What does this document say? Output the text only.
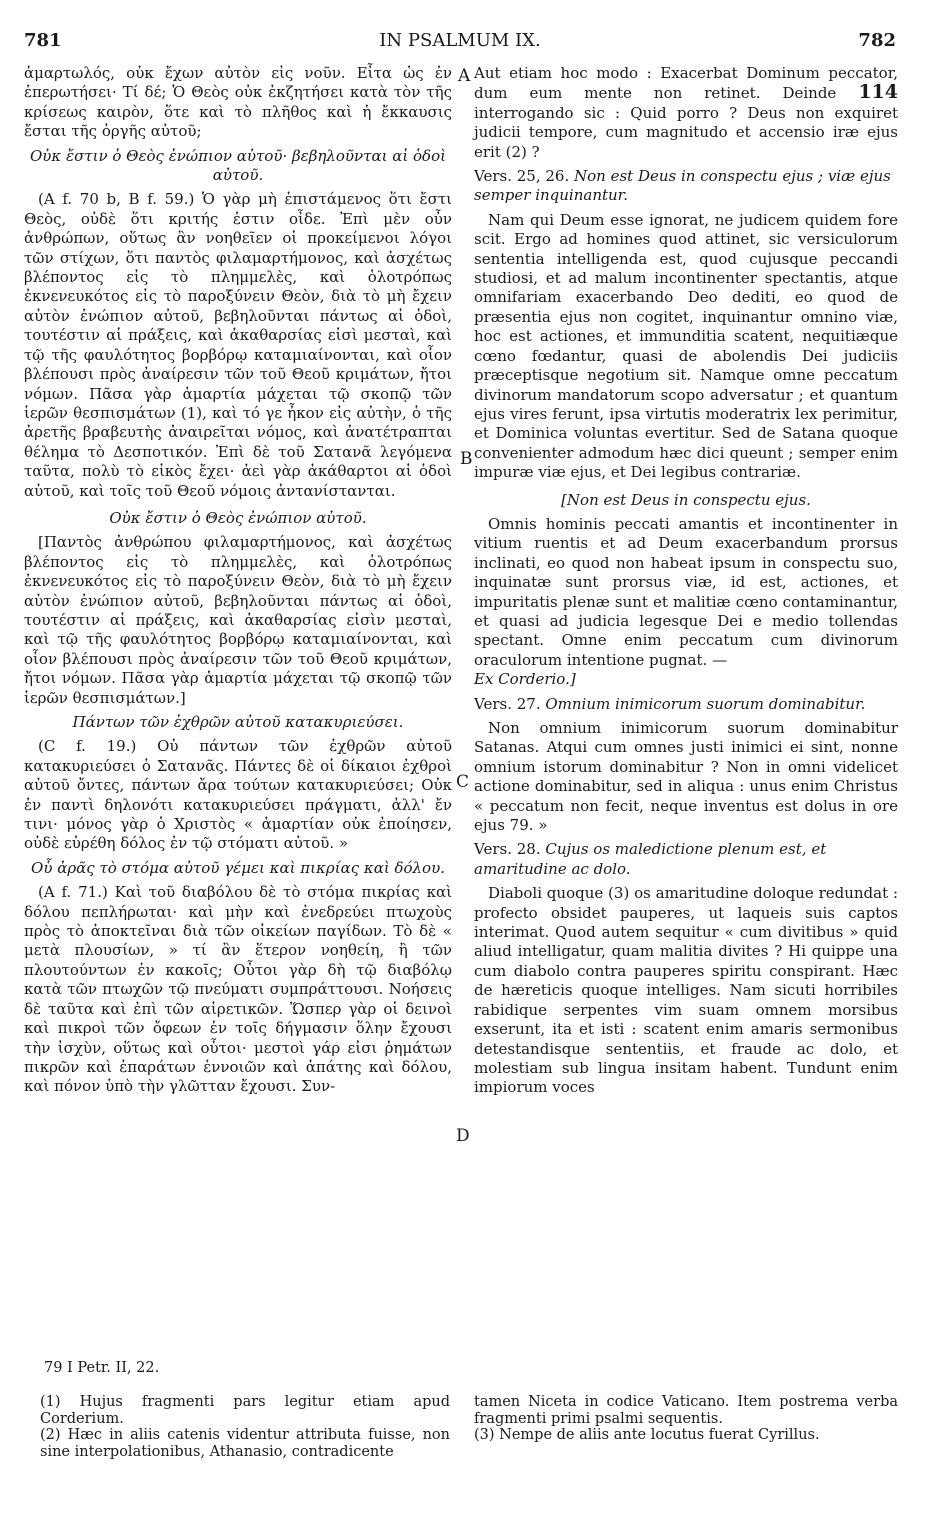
781	IN PSALMUM IX.	782
A
B
C
D

ἁμαρτωλός, οὐκ ἔχων αὐτὸν εἰς νοῦν. Εἶτα ὡς ἐν ἐπερωτήσει· Τί δέ; Ὁ Θεὸς οὐκ ἐκζητήσει κατὰ τὸν τῆς κρίσεως καιρὸν, ὅτε καὶ τὸ πλῆθος καὶ ἡ ἔκκαυσις ἔσται τῆς ὀργῆς αὐτοῦ;

Οὐκ ἔστιν ὁ Θεὸς ἐνώπιον αὐτοῦ· βεβηλοῦνται αἱ ὁδοὶ αὐτοῦ.

(A f. 70 b, B f. 59.) Ὁ γὰρ μὴ ἐπιστάμενος ὅτι ἔστι Θεὸς, οὐδὲ ὅτι κριτής ἐστιν οἶδε. Ἐπὶ μὲν οὖν ἀνθρώπων, οὕτως ἂν νοηθεῖεν οἱ προκείμενοι λόγοι τῶν στίχων, ὅτι παντὸς φιλαμαρτήμονος, καὶ ἀσχέτως βλέποντος εἰς τὸ πλημμελὲς, καὶ ὁλοτρόπως ἐκνενευκότος εἰς τὸ παροξύνειν Θεὸν, διὰ τὸ μὴ ἔχειν αὐτὸν ἐνώπιον αὐτοῦ, βεβηλοῦνται πάντως αἱ ὁδοὶ, τουτέστιν αἱ πράξεις, καὶ ἀκαθαρσίας εἰσὶ μεσταὶ, καὶ τῷ τῆς φαυλότητος βορβόρῳ καταμιαίνονται, καὶ οἷον βλέπουσι πρὸς ἀναίρεσιν τῶν τοῦ Θεοῦ κριμάτων, ἤτοι νόμων. Πᾶσα γὰρ ἁμαρτία μάχεται τῷ σκοπῷ τῶν ἱερῶν θεσπισμάτων (1), καὶ τό γε ἦκον εἰς αὐτὴν, ὁ τῆς ἀρετῆς βραβευτὴς ἀναιρεῖται νόμος, καὶ ἀνατέτραπται θέλημα τὸ Δεσποτικόν. Ἐπὶ δὲ τοῦ Σατανᾶ λεγόμενα ταῦτα, πολὺ τὸ εἰκὸς ἔχει· ἀεὶ γὰρ ἀκάθαρτοι αἱ ὁδοὶ αὐτοῦ, καὶ τοῖς τοῦ Θεοῦ νόμοις ἀντανίστανται.

Οὐκ ἔστιν ὁ Θεὸς ἐνώπιον αὐτοῦ.

[Παντὸς ἀνθρώπου φιλαμαρτήμονος, καὶ ἀσχέτως βλέποντος εἰς τὸ πλημμελὲς, καὶ ὁλοτρόπως ἐκνενευκότος εἰς τὸ παροξύνειν Θεὸν, διὰ τὸ μὴ ἔχειν αὐτὸν ἐνώπιον αὐτοῦ, βεβηλοῦνται πάντως αἱ ὁδοὶ, τουτέστιν αἱ πράξεις, καὶ ἀκαθαρσίας εἰσὶν μεσταὶ, καὶ τῷ τῆς φαυλότητος βορβόρῳ καταμιαίνονται, καὶ οἷον βλέπουσι πρὸς ἀναίρεσιν τῶν τοῦ Θεοῦ κριμάτων, ἤτοι νόμων. Πᾶσα γὰρ ἁμαρτία μάχεται τῷ σκοπῷ τῶν ἱερῶν θεσπισμάτων.]

Πάντων τῶν ἐχθρῶν αὐτοῦ κατακυριεύσει.

(C f. 19.) Οὐ πάντων τῶν ἐχθρῶν αὐτοῦ κατακυριεύσει ὁ Σατανᾶς. Πάντες δὲ οἱ δίκαιοι ἐχθροὶ αὐτοῦ ὄντες, πάντων ἄρα τούτων κατακυριεύσει; Οὐκ ἐν παντὶ δηλονότι κατακυριεύσει πράγματι, ἀλλ' ἔν τινι· μόνος γὰρ ὁ Χριστὸς « ἁμαρτίαν οὐκ ἐποίησεν, οὐδὲ εὑρέθη δόλος ἐν τῷ στόματι αὐτοῦ. »

Οὗ ἀρᾶς τὸ στόμα αὐτοῦ γέμει καὶ πικρίας καὶ δόλου.

(A f. 71.) Καὶ τοῦ διαβόλου δὲ τὸ στόμα πικρίας καὶ δόλου πεπλήρωται· καὶ μὴν καὶ ἐνεδρεύει πτωχοὺς πρὸς τὸ ἀποκτεῖναι διὰ τῶν οἰκείων παγίδων. Τὸ δὲ « μετὰ πλουσίων, » τί ἂν ἕτερον νοηθείη, ἢ τῶν πλουτούντων ἐν κακοῖς; Οὗτοι γὰρ δὴ τῷ διαβόλῳ κατὰ τῶν πτωχῶν τῷ πνεύματι συμπράττουσι. Νοήσεις δὲ ταῦτα καὶ ἐπὶ τῶν αἱρετικῶν. Ὥσπερ γὰρ οἱ δεινοὶ καὶ πικροὶ τῶν ὄφεων ἐν τοῖς δήγμασιν ὅλην ἔχουσι τὴν ἰσχὺν, οὕτως καὶ οὗτοι· μεστοὶ γάρ εἰσι ῥημάτων πικρῶν καὶ ἐπαράτων ἐννοιῶν καὶ ἀπάτης καὶ δόλου, καὶ πόνον ὑπὸ τὴν γλῶτταν ἔχουσι. Συν-

Aut etiam hoc modo : Exacerbat Dominum peccator, dum eum mente non retinet. Deinde 114 interrogando sic : Quid porro ? Deus non exquiret judicii tempore, cum magnitudo et accensio iræ ejus erit (2) ?

Vers. 25, 26. Non est Deus in conspectu ejus ; viæ ejus semper inquinantur.

Nam qui Deum esse ignorat, ne judicem quidem fore scit. Ergo ad homines quod attinet, sic versiculorum sententia intelligenda est, quod cujusque peccandi studiosi, et ad malum incontinenter spectantis, atque omnifariam exacerbando Deo dediti, eo quod de præsentia ejus non cogitet, inquinantur omnino viæ, hoc est actiones, et immunditia scatent, nequitiæque cœno fœdantur, quasi de abolendis Dei judiciis præceptisque negotium sit. Namque omne peccatum divinorum mandatorum scopo adversatur ; et quantum ejus vires ferunt, ipsa virtutis moderatrix lex perimitur, et Dominica voluntas evertitur. Sed de Satana quoque convenienter admodum hæc dici queunt ; semper enim impuræ viæ ejus, et Dei legibus contrariæ.

[Non est Deus in conspectu ejus.

Omnis hominis peccati amantis et incontinenter in vitium ruentis et ad Deum exacerbandum prorsus inclinati, eo quod non habeat ipsum in conspectu suo, inquinatæ sunt prorsus viæ, id est, actiones, et impuritatis plenæ sunt et malitiæ cœno contaminantur, et quasi ad judicia legesque Dei e medio tollendas spectant. Omne enim peccatum cum divinorum oraculorum intentione pugnat. —

Ex Corderio.]

Vers. 27. Omnium inimicorum suorum dominabitur.

Non omnium inimicorum suorum dominabitur Satanas. Atqui cum omnes justi inimici ei sint, nonne omnium istorum dominabitur ? Non in omni videlicet actione dominabitur, sed in aliqua : unus enim Christus « peccatum non fecit, neque inventus est dolus in ore ejus 79. »

Vers. 28. Cujus os maledictione plenum est, et amaritudine ac dolo.

Diaboli quoque (3) os amaritudine doloque redundat : profecto obsidet pauperes, ut laqueis suis captos interimat. Quod autem sequitur « cum divitibus » quid aliud intelligatur, quam malitia divites ? Hi quippe una cum diabolo contra pauperes spiritu conspirant. Hæc de hæreticis quoque intelliges. Nam sicuti horribiles rabidique serpentes vim suam omnem morsibus exserunt, ita et isti : scatent enim amaris sermonibus detestandisque sententiis, et fraude ac dolo, et molestiam sub lingua insitam habent. Tundunt enim impiorum voces

79 I Petr. II, 22.

(1) Hujus fragmenti pars legitur etiam apud Corderium.

(2) Hæc in aliis catenis videntur attributa fuisse, non sine interpolationibus, Athanasio, contradicente

tamen Niceta in codice Vaticano. Item postrema verba fragmenti primi psalmi sequentis.

(3) Nempe de aliis ante locutus fuerat Cyrillus.
